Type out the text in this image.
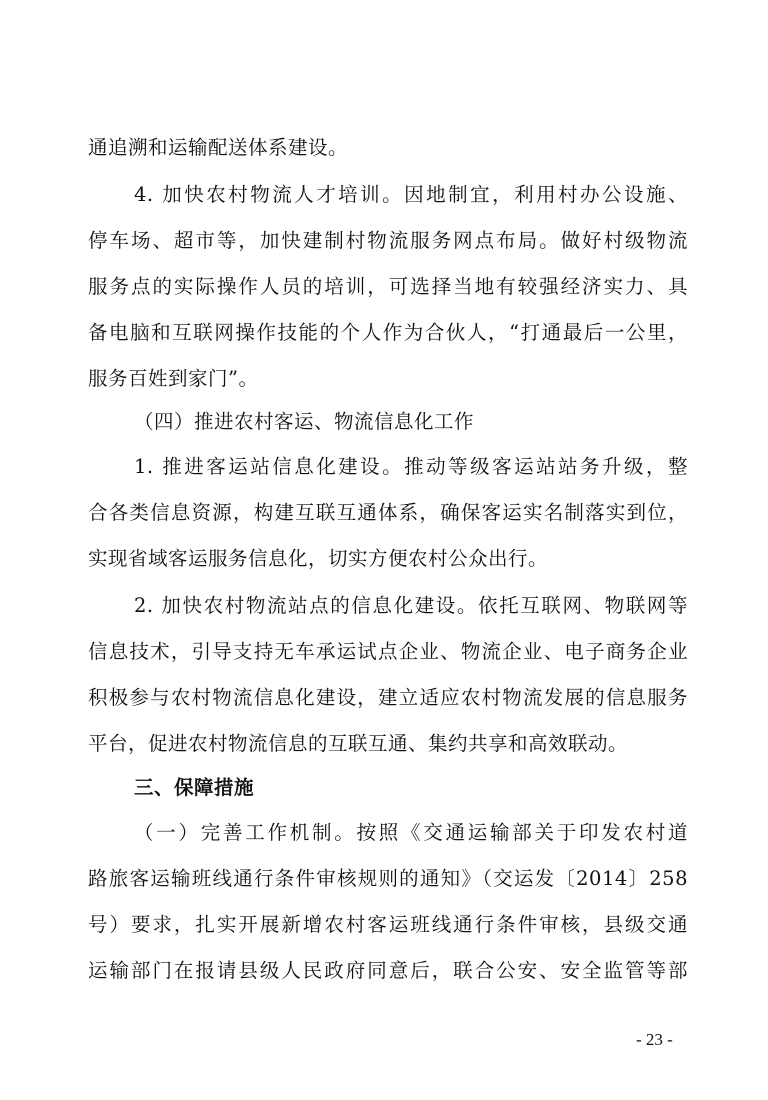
通追溯和运输配送体系建设。
4. 加快农村物流人才培训。因地制宜，利用村办公设施、
停车场、超市等，加快建制村物流服务网点布局。做好村级物流
服务点的实际操作人员的培训，可选择当地有较强经济实力、具
备电脑和互联网操作技能的个人作为合伙人，“打通最后一公里，
服务百姓到家门”。
（四）推进农村客运、物流信息化工作
1. 推进客运站信息化建设。推动等级客运站站务升级，整
合各类信息资源，构建互联互通体系，确保客运实名制落实到位，
实现省域客运服务信息化，切实方便农村公众出行。
2. 加快农村物流站点的信息化建设。依托互联网、物联网等
信息技术，引导支持无车承运试点企业、物流企业、电子商务企业
积极参与农村物流信息化建设，建立适应农村物流发展的信息服务
平台，促进农村物流信息的互联互通、集约共享和高效联动。
三、保障措施
（一）完善工作机制。按照《交通运输部关于印发农村道
路旅客运输班线通行条件审核规则的通知》（交运发〔2014〕258
号）要求，扎实开展新增农村客运班线通行条件审核，县级交通
运输部门在报请县级人民政府同意后，联合公安、安全监管等部
- 23 -
